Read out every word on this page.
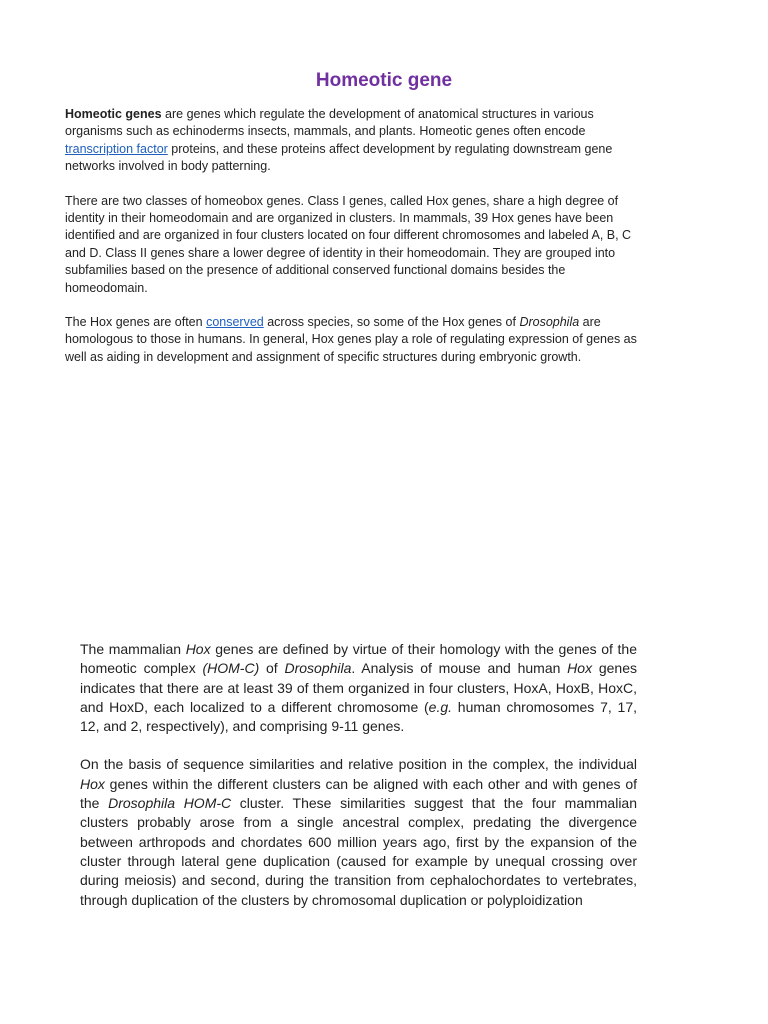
Homeotic gene

Homeotic genes are genes which regulate the development of anatomical structures in various organisms such as echinoderms insects, mammals, and plants. Homeotic genes often encode transcription factor proteins, and these proteins affect development by regulating downstream gene networks involved in body patterning.

There are two classes of homeobox genes. Class I genes, called Hox genes, share a high degree of identity in their homeodomain and are organized in clusters. In mammals, 39 Hox genes have been identified and are organized in four clusters located on four different chromosomes and labeled A, B, C and D. Class II genes share a lower degree of identity in their homeodomain. They are grouped into subfamilies based on the presence of additional conserved functional domains besides the homeodomain.

The Hox genes are often conserved across species, so some of the Hox genes of Drosophila are homologous to those in humans. In general, Hox genes play a role of regulating expression of genes as well as aiding in development and assignment of specific structures during embryonic growth.

The mammalian Hox genes are defined by virtue of their homology with the genes of the homeotic complex (HOM-C) of Drosophila. Analysis of mouse and human Hox genes indicates that there are at least 39 of them organized in four clusters, HoxA, HoxB, HoxC, and HoxD, each localized to a different chromosome (e.g. human chromosomes 7, 17, 12, and 2, respectively), and comprising 9-11 genes.

On the basis of sequence similarities and relative position in the complex, the individual Hox genes within the different clusters can be aligned with each other and with genes of the Drosophila HOM-C cluster. These similarities suggest that the four mammalian clusters probably arose from a single ancestral complex, predating the divergence between arthropods and chordates 600 million years ago, first by the expansion of the cluster through lateral gene duplication (caused for example by unequal crossing over during meiosis) and second, during the transition from cephalochordates to vertebrates, through duplication of the clusters by chromosomal duplication or polyploidization
